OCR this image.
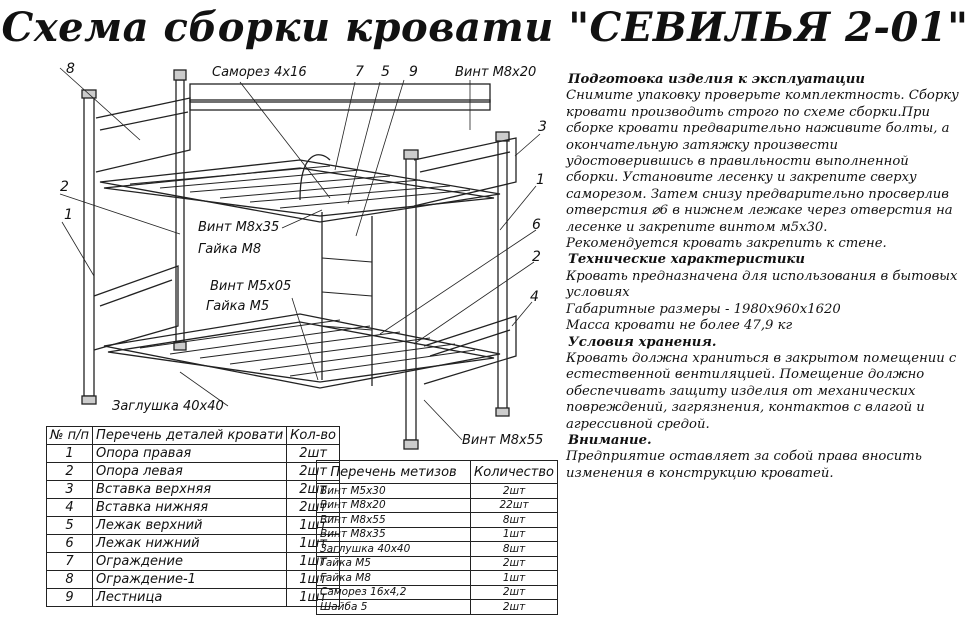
Схема сборки кровати "СЕВИЛЬЯ 2-01"
8	Саморез 4x16	7 5 9	Винт М8x20
3
2
1
1
6
2
4
Винт М8x35
Гайка М8
Винт М5x05
Гайка М5
Заглушка 40x40
Винт М8x55
Подготовка изделия к эксплуатации

Снимите упаковку проверьте комплектность. Сборку кровати производить строго по схеме сборки.При сборке кровати предварительно наживите болты, а окончательную затяжку произвести удостоверившись в правильности выполненной сборки. Установите лесенку и закрепите сверху саморезом. Затем снизу предварительно просверлив отверстия ⌀6 в нижнем лежаке через отверстия на лесенке и закрепите винтом м5x30.

Рекомендуется кровать закрепить к стене.

Технические характеристики

Кровать предназначена для использования в бытовых условиях

Габаритные размеры - 1980x960x1620

Масса кровати не более 47,9 кг

Условия хранения.

Кровать должна храниться в закрытом помещении с естественной вентиляцией. Помещение должно обеспечивать защиту изделия от механических повреждений, загрязнения, контактов с влагой и агрессивной средой.

Внимание.

Предприятие оставляет за собой права вносить изменения в конструкцию кроватей.

№ п/п	Перечень деталей кровати	Кол-во
1	Опора правая	2шт
2	Опора левая	2шт
3	Вставка верхняя	2шт
4	Вставка нижняя	2шт
5	Лежак верхний	1шт
6	Лежак нижний	1шт
7	Ограждение	1шт
8	Ограждение-1	1шт
9	Лестница	1шт
Перечень метизов	Количество
Винт М5x30	2шт
Винт М8x20	22шт
Винт М8x55	8шт
Винт М8x35	1шт
Заглушка 40x40	8шт
Гайка М5	2шт
Гайка М8	1шт
Саморез 16x4,2	2шт
Шайба 5	2шт
